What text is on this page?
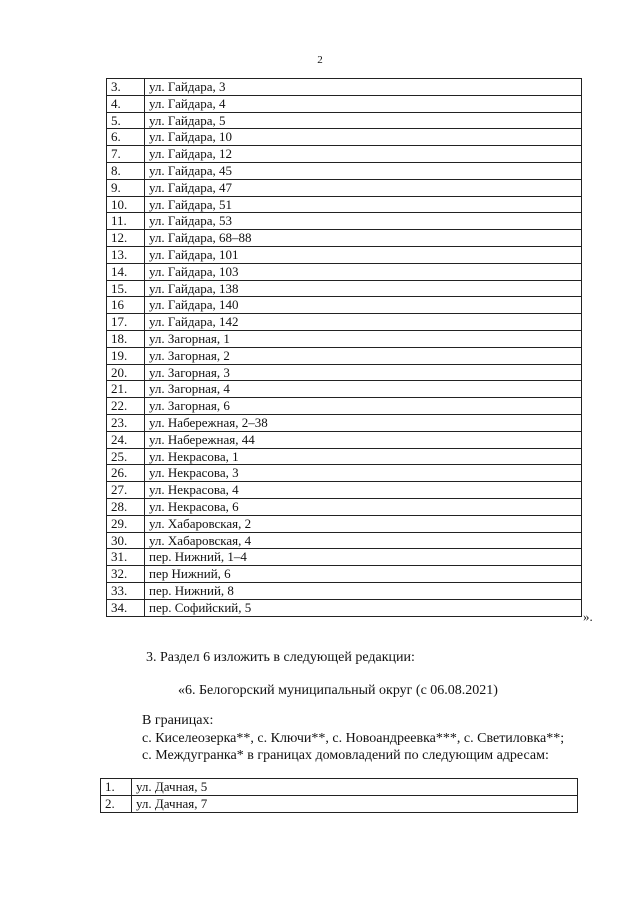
2
3.	ул. Гайдара, 3
4.	ул. Гайдара, 4
5.	ул. Гайдара, 5
6.	ул. Гайдара, 10
7.	ул. Гайдара, 12
8.	ул. Гайдара, 45
9.	ул. Гайдара, 47
10.	ул. Гайдара, 51
11.	ул. Гайдара, 53
12.	ул. Гайдара, 68–88
13.	ул. Гайдара, 101
14.	ул. Гайдара, 103
15.	ул. Гайдара, 138
16	ул. Гайдара, 140
17.	ул. Гайдара, 142
18.	ул. Загорная, 1
19.	ул. Загорная, 2
20.	ул. Загорная, 3
21.	ул. Загорная, 4
22.	ул. Загорная, 6
23.	ул. Набережная, 2–38
24.	ул. Набережная, 44
25.	ул. Некрасова, 1
26.	ул. Некрасова, 3
27.	ул. Некрасова, 4
28.	ул. Некрасова, 6
29.	ул. Хабаровская, 2
30.	ул. Хабаровская, 4
31.	пер. Нижний, 1–4
32.	пер Нижний, 6
33.	пер. Нижний, 8
34.	пер. Софийский, 5
».
3. Раздел 6 изложить в следующей редакции:
«6. Белогорский муниципальный округ (с 06.08.2021)
В границах:
с. Киселеозерка**, с. Ключи**, с. Новоандреевка***, с. Светиловка**;
с. Междугранка* в границах домовладений по следующим адресам:
1.	ул. Дачная, 5
2.	ул. Дачная, 7
